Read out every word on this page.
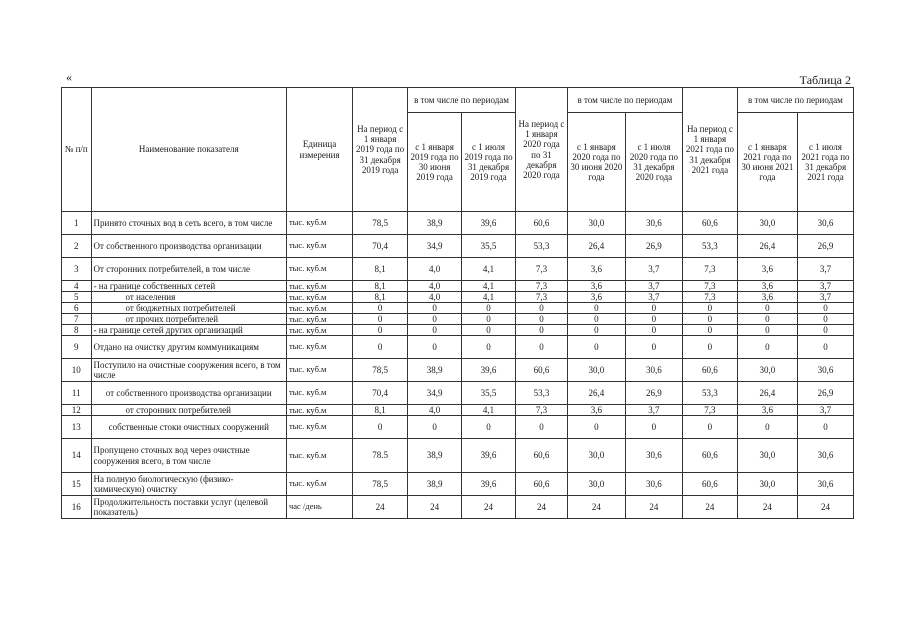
«	Таблица 2
№ п/п	Наименование показателя	Единица измерения	На период с 1 января 2019 года по 31 декабря 2019 года	в том числе по периодам		На период с 1 января 2020 года по 31 декабря 2020 года	в том числе по периодам		На период с 1 января 2021 года по 31 декабря 2021 года	в том числе по периодам	
				с 1 января 2019 года по 30 июня 2019 года	с 1 июля 2019 года по 31 декабря 2019 года		с 1 января 2020 года по 30 июня 2020 года	с 1 июля 2020 года по 31 декабря 2020 года		с 1 января 2021 года по 30 июня 2021 года	с 1 июля 2021 года по 31 декабря 2021 года
1	Принято сточных вод в сеть всего, в том числе	тыс. куб.м	78,5	38,9	39,6	60,6	30,0	30,6	60,6	30,0	30,6
2	От собственного производства организации	тыс. куб.м	70,4	34,9	35,5	53,3	26,4	26,9	53,3	26,4	26,9
3	От сторонних потребителей, в том числе	тыс. куб.м	8,1	4,0	4,1	7,3	3,6	3,7	7,3	3,6	3,7
4	- на границе собственных сетей	тыс. куб.м	8,1	4,0	4,1	7,3	3,6	3,7	7,3	3,6	3,7
5	от населения	тыс. куб.м	8,1	4,0	4,1	7,3	3,6	3,7	7,3	3,6	3,7
6	от бюджетных потребителей	тыс. куб.м	0	0	0	0	0	0	0	0	0
7	от прочих потребителей	тыс. куб.м	0	0	0	0	0	0	0	0	0
8	- на границе сетей других организаций	тыс. куб.м	0	0	0	0	0	0	0	0	0
9	Отдано на очистку другим коммуникациям	тыс. куб.м	0	0	0	0	0	0	0	0	0
10	Поступило на очистные сооружения всего, в том числе	тыс. куб.м	78,5	38,9	39,6	60,6	30,0	30,6	60,6	30,0	30,6
11	от собственного производства организации	тыс. куб.м	70,4	34,9	35,5	53,3	26,4	26,9	53,3	26,4	26,9
12	от сторонних потребителей	тыс. куб.м	8,1	4,0	4,1	7,3	3,6	3,7	7,3	3,6	3,7
13	собственные стоки очистных сооружений	тыс. куб.м	0	0	0	0	0	0	0	0	0
14	Пропущено сточных вод через очистные сооружения всего, в том числе	тыс. куб.м	78.5	38,9	39,6	60,6	30,0	30,6	60,6	30,0	30,6
15	На полную биологическую (физико-химическую) очистку	тыс. куб.м	78,5	38,9	39,6	60,6	30,0	30,6	60,6	30,0	30,6
16	Продолжительность поставки услуг (целевой показатель)	час /день	24	24	24	24	24	24	24	24	24
